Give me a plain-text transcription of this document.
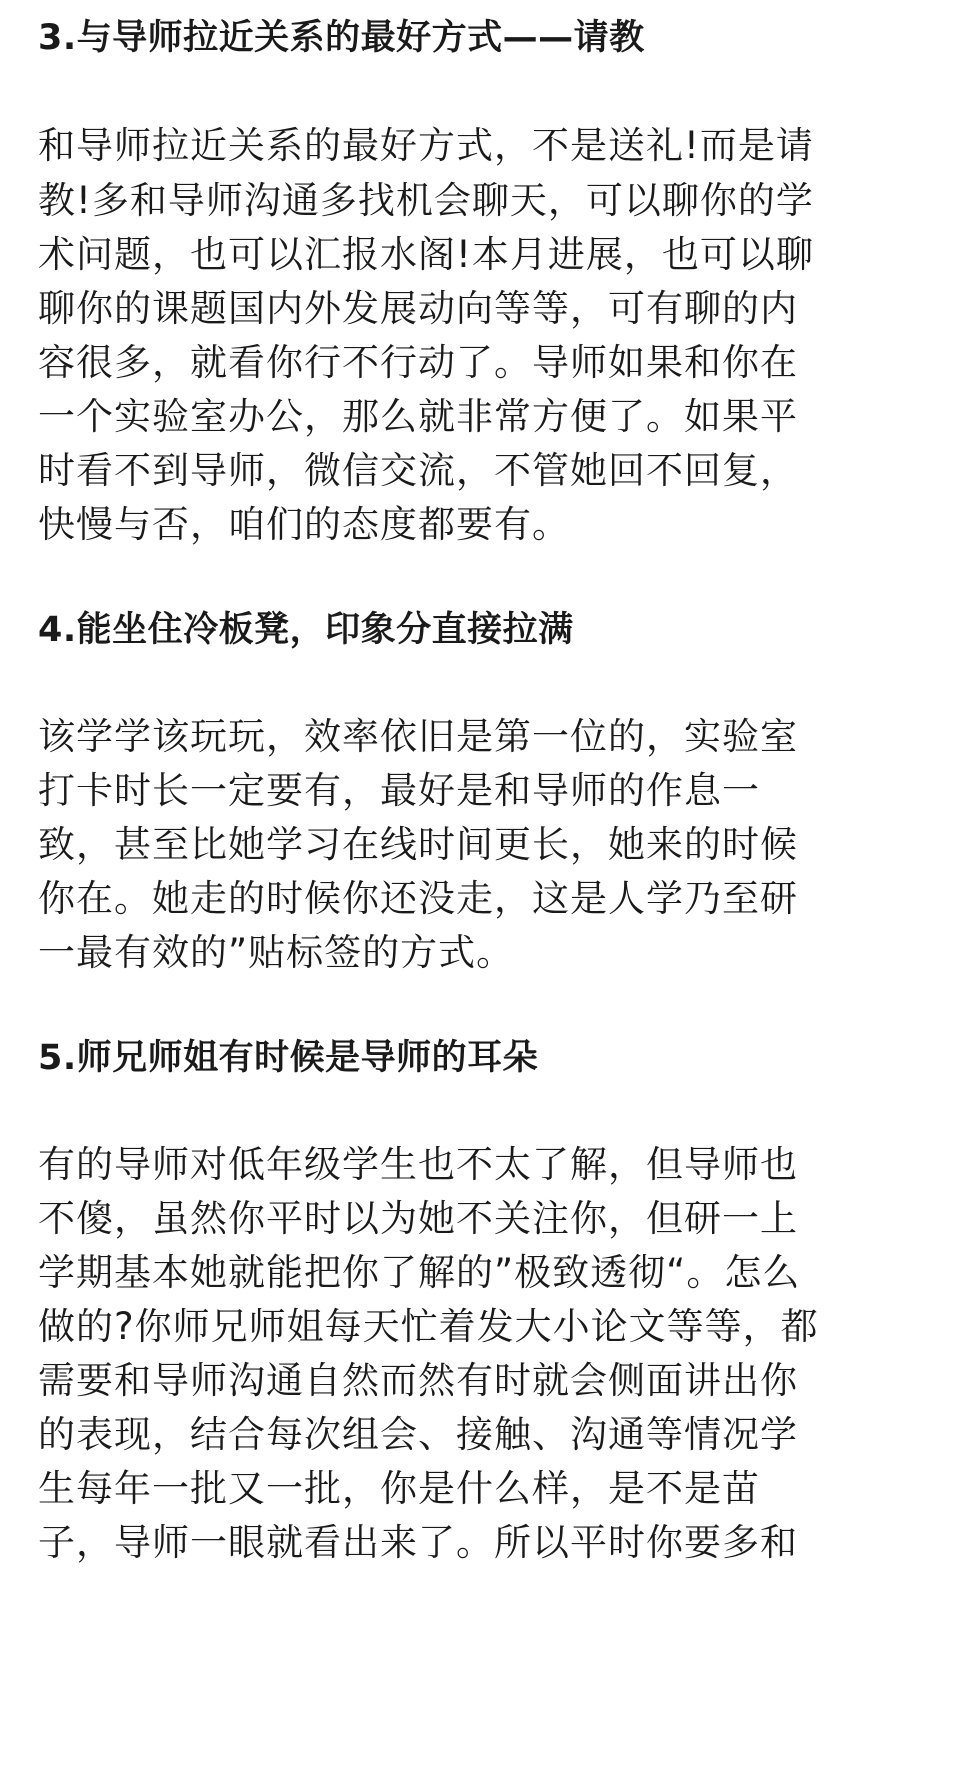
3.与导师拉近关系的最好方式——请教
和导师拉近关系的最好方式，不是送礼!而是请
教!多和导师沟通多找机会聊天，可以聊你的学
术问题，也可以汇报水阁!本月进展，也可以聊
聊你的课题国内外发展动向等等，可有聊的内
容很多，就看你行不行动了。导师如果和你在
一个实验室办公，那么就非常方便了。如果平
时看不到导师，微信交流，不管她回不回复，
快慢与否，咱们的态度都要有。
4.能坐住冷板凳，印象分直接拉满
该学学该玩玩，效率依旧是第一位的，实验室
打卡时长一定要有，最好是和导师的作息一
致，甚至比她学习在线时间更长，她来的时候
你在。她走的时候你还没走，这是人学乃至研
一最有效的”贴标签的方式。
5.师兄师姐有时候是导师的耳朵
有的导师对低年级学生也不太了解，但导师也
不傻，虽然你平时以为她不关注你，但研一上
学期基本她就能把你了解的”极致透彻“。怎么
做的?你师兄师姐每天忙着发大小论文等等，都
需要和导师沟通自然而然有时就会侧面讲出你
的表现，结合每次组会、接触、沟通等情况学
生每年一批又一批，你是什么样，是不是苗
子，导师一眼就看出来了。所以平时你要多和
